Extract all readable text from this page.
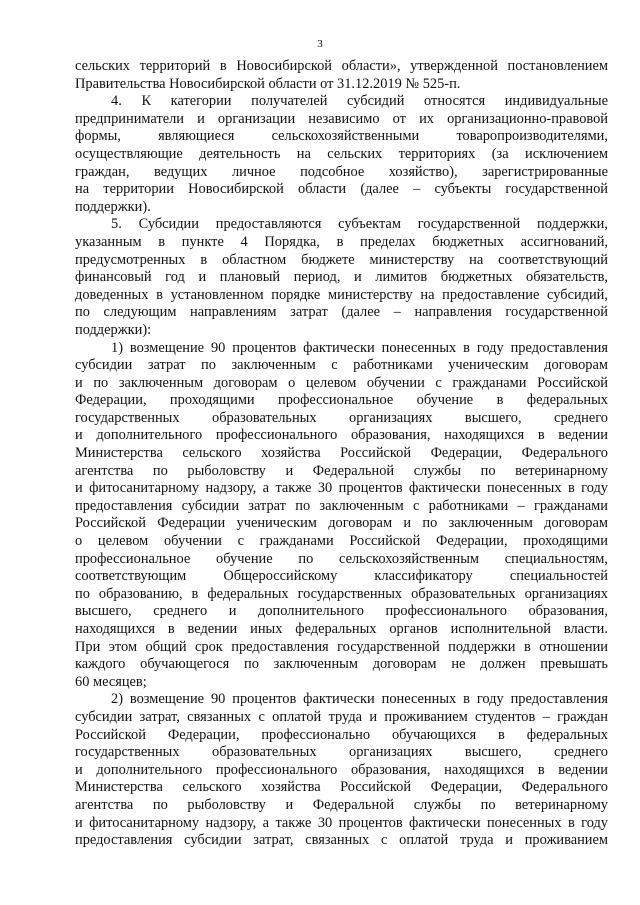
3
сельских территорий в Новосибирской области», утвержденной постановлением
Правительства Новосибирской области от 31.12.2019 № 525-п.
4. К категории получателей субсидий относятся индивидуальные
предприниматели и организации независимо от их организационно-правовой
формы, являющиеся сельскохозяйственными товаропроизводителями,
осуществляющие деятельность на сельских территориях (за исключением
граждан, ведущих личное подсобное хозяйство), зарегистрированные
на территории Новосибирской области (далее – субъекты государственной
поддержки).
5. Субсидии предоставляются субъектам государственной поддержки,
указанным в пункте 4 Порядка, в пределах бюджетных ассигнований,
предусмотренных в областном бюджете министерству на соответствующий
финансовый год и плановый период, и лимитов бюджетных обязательств,
доведенных в установленном порядке министерству на предоставление субсидий,
по следующим направлениям затрат (далее – направления государственной
поддержки):
1) возмещение 90 процентов фактически понесенных в году предоставления
субсидии затрат по заключенным с работниками ученическим договорам
и по заключенным договорам о целевом обучении с гражданами Российской
Федерации, проходящими профессиональное обучение в федеральных
государственных образовательных организациях высшего, среднего
и дополнительного профессионального образования, находящихся в ведении
Министерства сельского хозяйства Российской Федерации, Федерального
агентства по рыболовству и Федеральной службы по ветеринарному
и фитосанитарному надзору, а также 30 процентов фактически понесенных в году
предоставления субсидии затрат по заключенным с работниками – гражданами
Российской Федерации ученическим договорам и по заключенным договорам
о целевом обучении с гражданами Российской Федерации, проходящими
профессиональное обучение по сельскохозяйственным специальностям,
соответствующим Общероссийскому классификатору специальностей
по образованию, в федеральных государственных образовательных организациях
высшего, среднего и дополнительного профессионального образования,
находящихся в ведении иных федеральных органов исполнительной власти.
При этом общий срок предоставления государственной поддержки в отношении
каждого обучающегося по заключенным договорам не должен превышать
60 месяцев;
2) возмещение 90 процентов фактически понесенных в году предоставления
субсидии затрат, связанных с оплатой труда и проживанием студентов – граждан
Российской Федерации, профессионально обучающихся в федеральных
государственных образовательных организациях высшего, среднего
и дополнительного профессионального образования, находящихся в ведении
Министерства сельского хозяйства Российской Федерации, Федерального
агентства по рыболовству и Федеральной службы по ветеринарному
и фитосанитарному надзору, а также 30 процентов фактически понесенных в году
предоставления субсидии затрат, связанных с оплатой труда и проживанием
